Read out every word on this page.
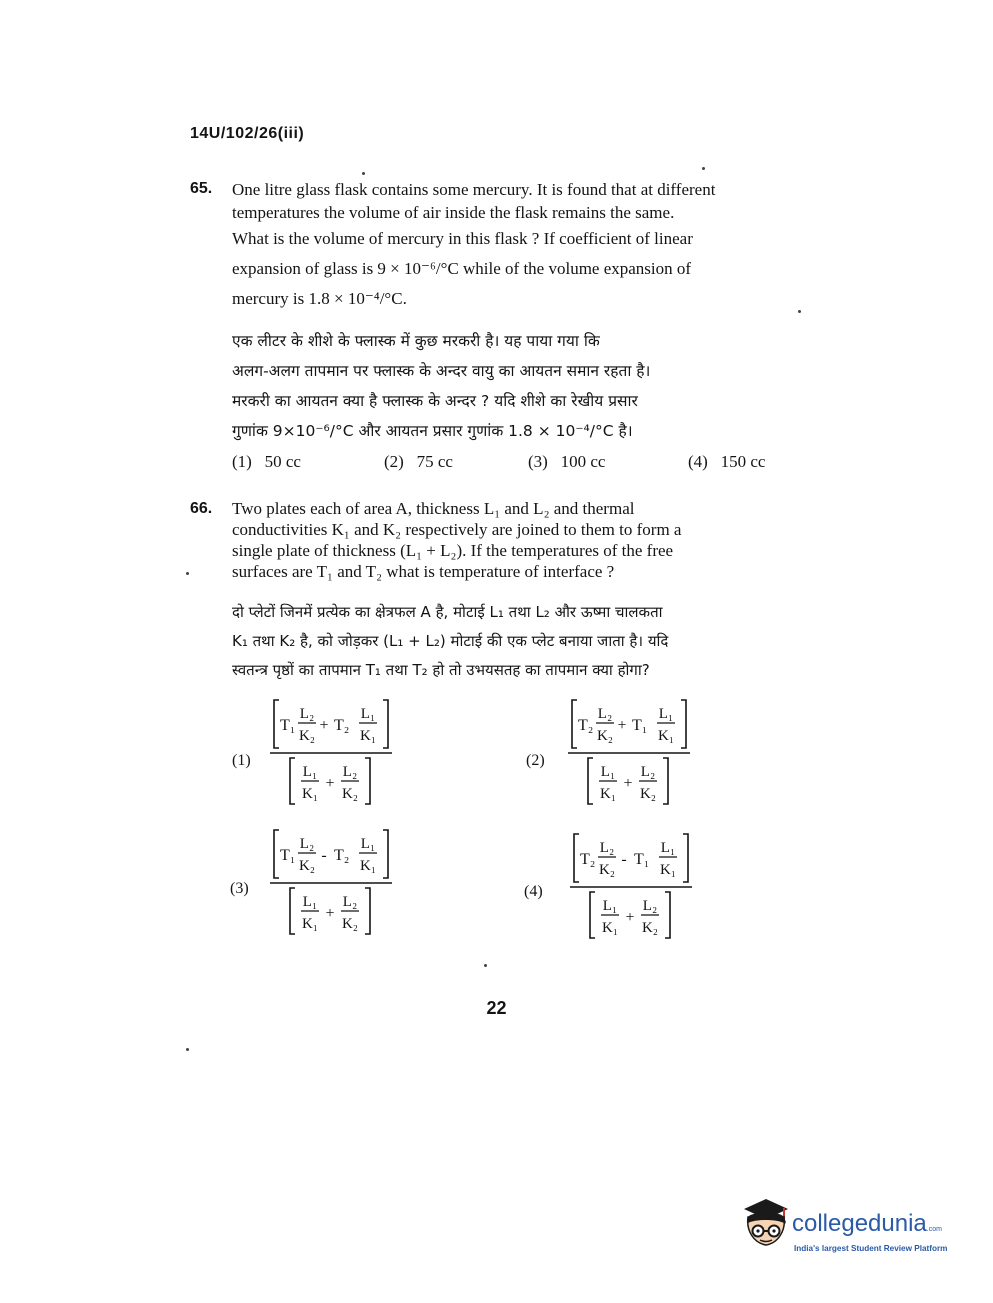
14U/102/26(iii)
65. One litre glass flask contains some mercury. It is found that at different
temperatures the volume of air inside the flask remains the same.
What is the volume of mercury in this flask ? If coefficient of linear
expansion of glass is 9 × 10⁻⁶/°C while of the volume expansion of
mercury is 1.8 × 10⁻⁴/°C.
एक लीटर के शीशे के फ्लास्क में कुछ मरकरी है। यह पाया गया कि
अलग-अलग तापमान पर फ्लास्क के अन्दर वायु का आयतन समान रहता है।
मरकरी का आयतन क्या है फ्लास्क के अन्दर ? यदि शीशे का रेखीय प्रसार
गुणांक 9×10⁻⁶/°C और आयतन प्रसार गुणांक 1.8 × 10⁻⁴/°C है।
(1) 50 cc	(2) 75 cc	(3) 100 cc	(4) 150 cc
66. Two plates each of area A, thickness L₁ and L₂ and thermal
conductivities K₁ and K₂ respectively are joined to them to form a
single plate of thickness (L₁ + L₂). If the temperatures of the free
surfaces are T₁ and T₂ what is temperature of interface ?
दो प्लेटों जिनमें प्रत्येक का क्षेत्रफल A है, मोटाई L₁ तथा L₂ और ऊष्मा चालकता
K₁ तथा K₂ है, को जोड़कर (L₁ + L₂) मोटाई की एक प्लेट बनाया जाता है। यदि
स्वतन्त्र पृष्ठों का तापमान T₁ तथा T₂ हो तो उभयसतह का तापमान क्या होगा?
(1)
T₁
L₂
K₂
+ T₂
L₁
K₁
L₁
K₁
+
L₂
K₂
(2)
T₂
L₂
K₂
+ T₁
L₁
K₁
L₁
K₁
+
L₂
K₂
(3)
T₁
L₂
K₂
- T₂
L₁
K₁
L₁
K₁
+
L₂
K₂
(4)
T₂
L₂
K₂
- T₁
L₁
K₁
L₁
K₁
+
L₂
K₂
22
collegedunia.com
India's largest Student Review Platform
